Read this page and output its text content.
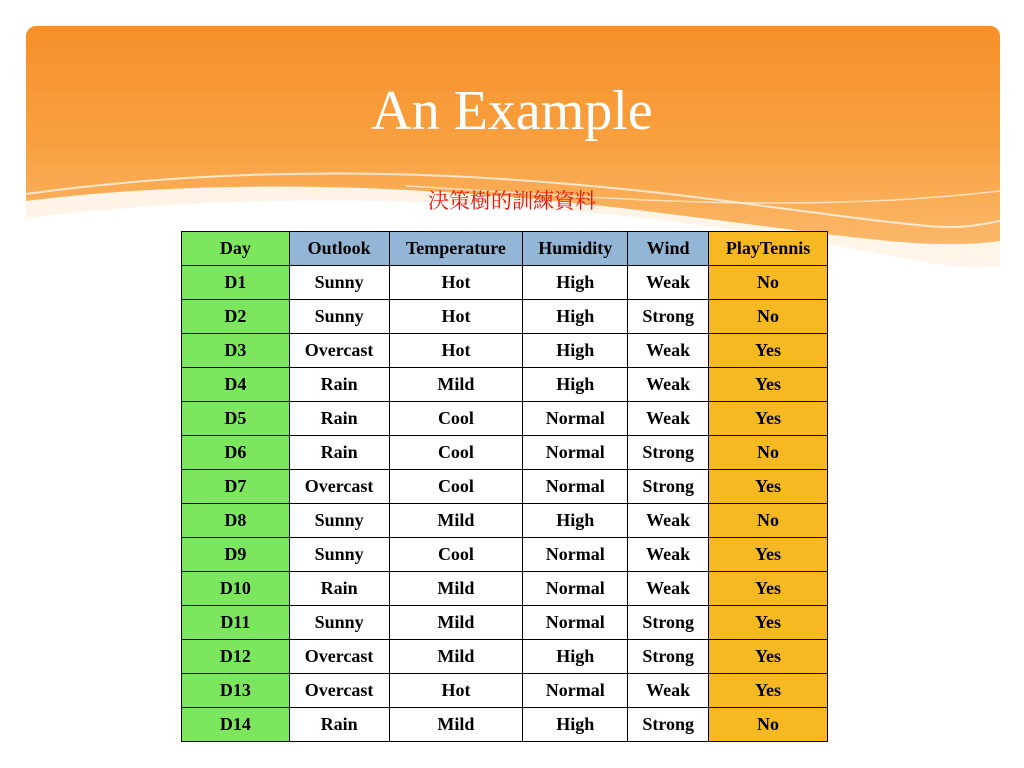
An Example
決策樹的訓練資料
Day	Outlook	Temperature	Humidity	Wind	PlayTennis
D1	Sunny	Hot	High	Weak	No
D2	Sunny	Hot	High	Strong	No
D3	Overcast	Hot	High	Weak	Yes
D4	Rain	Mild	High	Weak	Yes
D5	Rain	Cool	Normal	Weak	Yes
D6	Rain	Cool	Normal	Strong	No
D7	Overcast	Cool	Normal	Strong	Yes
D8	Sunny	Mild	High	Weak	No
D9	Sunny	Cool	Normal	Weak	Yes
D10	Rain	Mild	Normal	Weak	Yes
D11	Sunny	Mild	Normal	Strong	Yes
D12	Overcast	Mild	High	Strong	Yes
D13	Overcast	Hot	Normal	Weak	Yes
D14	Rain	Mild	High	Strong	No
